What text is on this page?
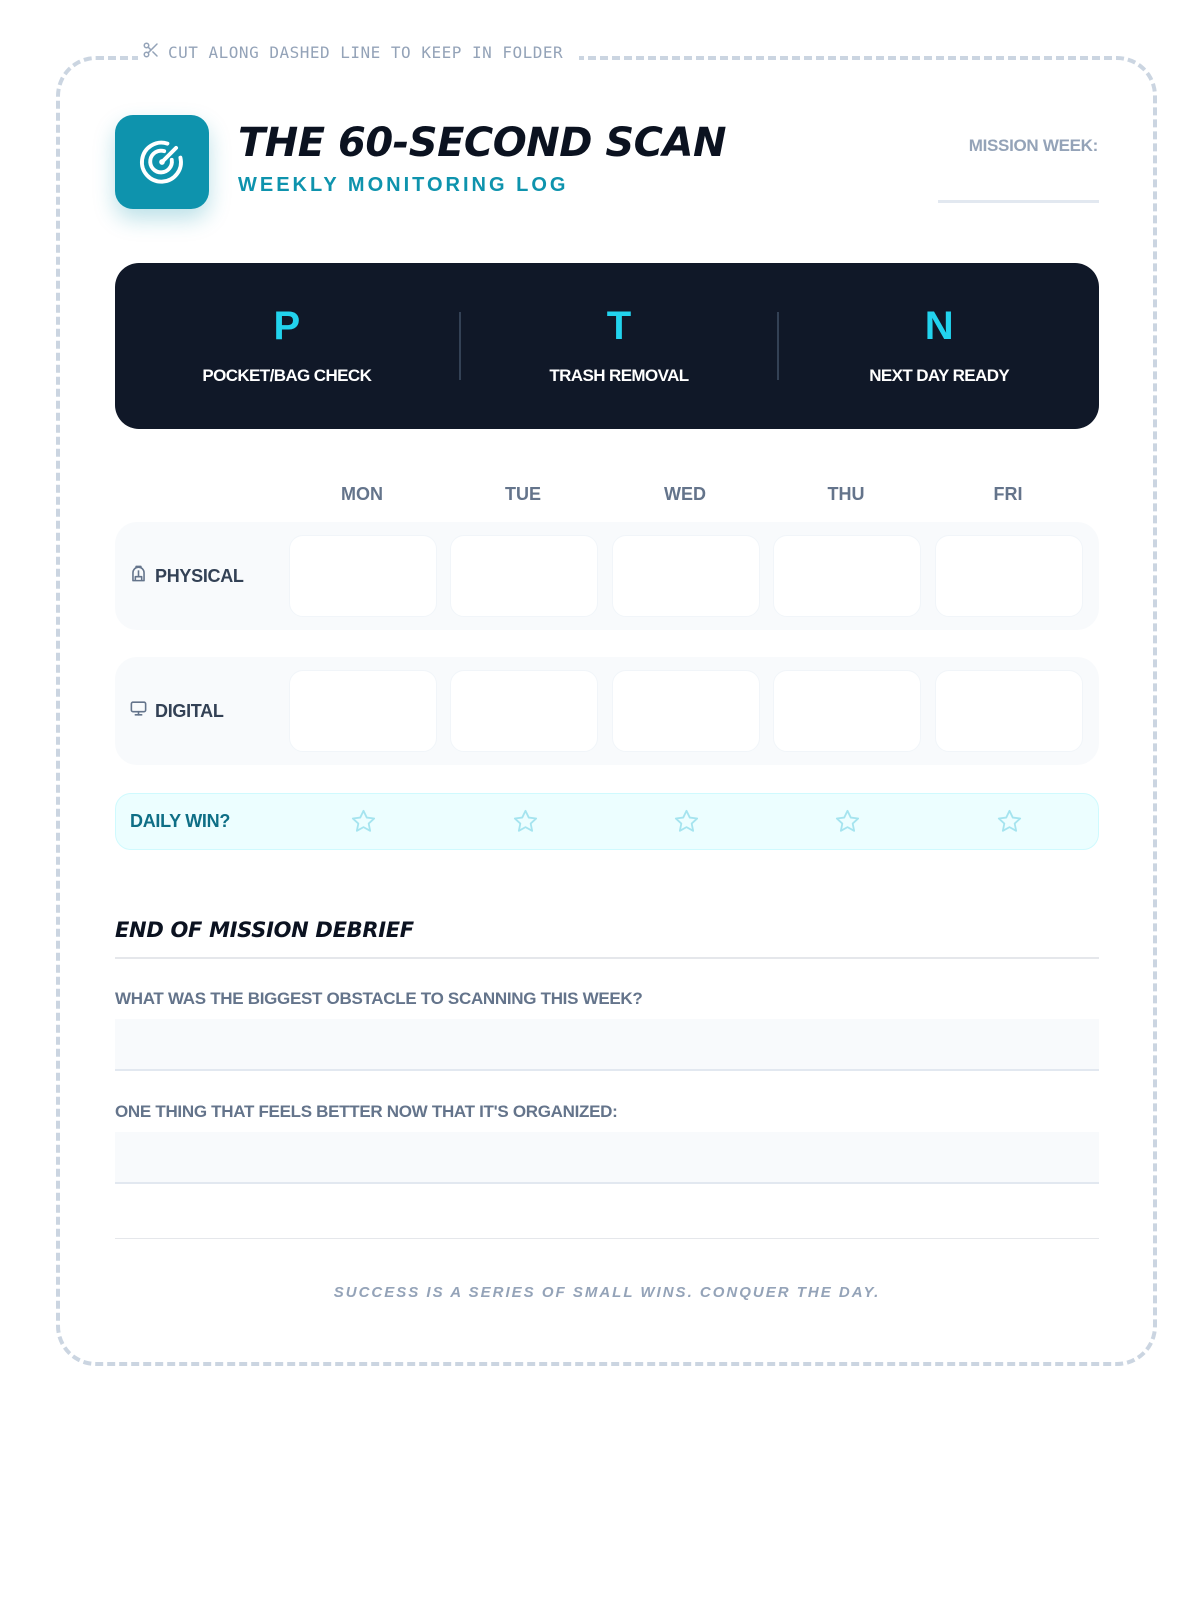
CUT ALONG DASHED LINE TO KEEP IN FOLDER
THE 60-SECOND SCAN
WEEKLY MONITORING LOG
MISSION WEEK:
P
POCKET/BAG CHECK
T
TRASH REMOVAL
N
NEXT DAY READY
MON	TUE	WED	THU	FRI
PHYSICAL
DIGITAL
DAILY WIN?
END OF MISSION DEBRIEF
WHAT WAS THE BIGGEST OBSTACLE TO SCANNING THIS WEEK?
ONE THING THAT FEELS BETTER NOW THAT IT'S ORGANIZED:
SUCCESS IS A SERIES OF SMALL WINS. CONQUER THE DAY.
